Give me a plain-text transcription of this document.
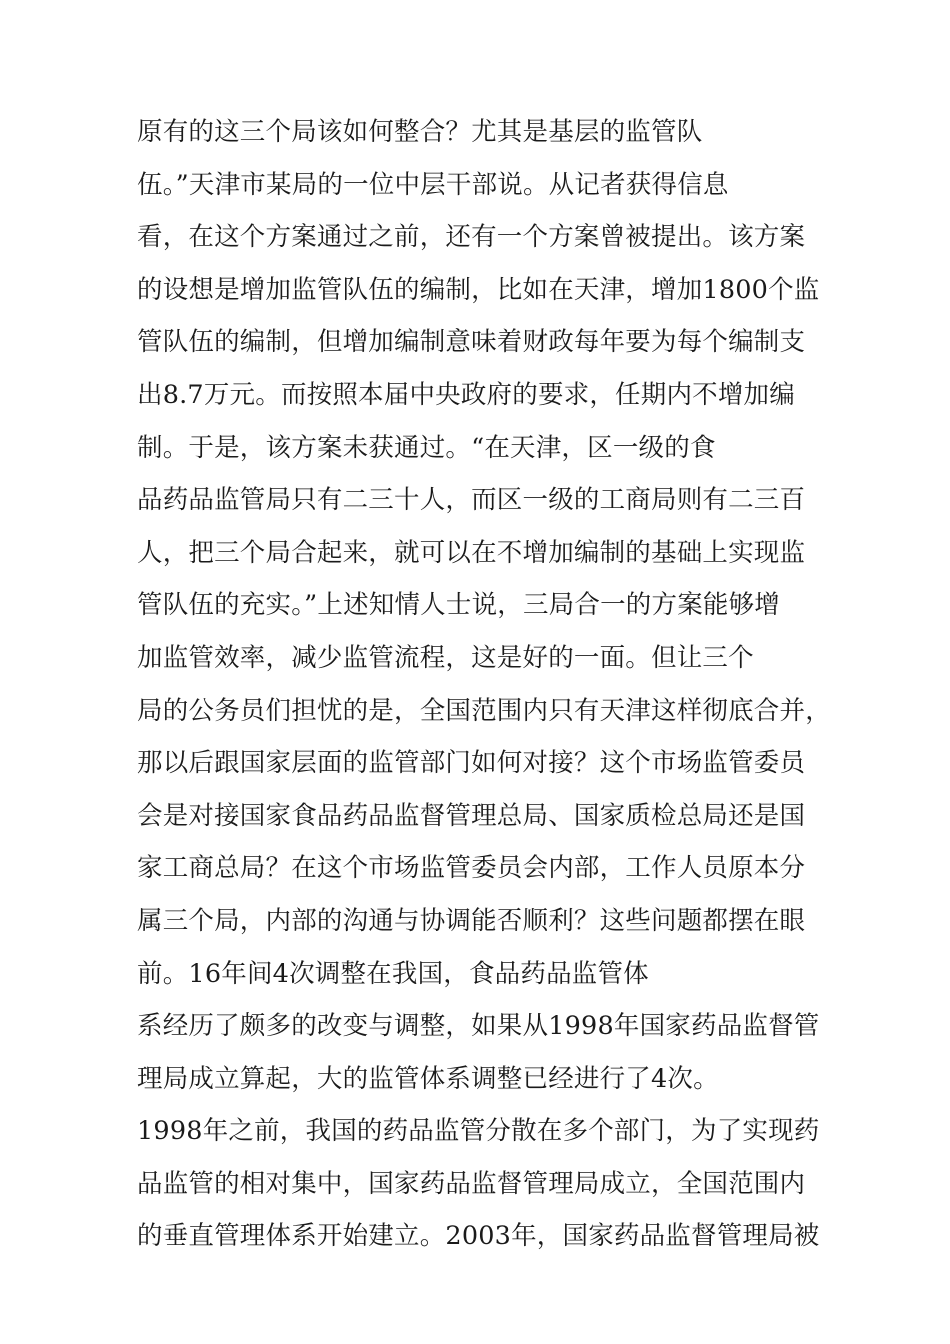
原有的这三个局该如何整合？尤其是基层的监管队
伍。”天津市某局的一位中层干部说。从记者获得信息
看，在这个方案通过之前，还有一个方案曾被提出。该方案
的设想是增加监管队伍的编制，比如在天津，增加1800个监
管队伍的编制，但增加编制意味着财政每年要为每个编制支
出8.7万元。而按照本届中央政府的要求，任期内不增加编
制。于是，该方案未获通过。“在天津，区一级的食
品药品监管局只有二三十人，而区一级的工商局则有二三百
人，把三个局合起来，就可以在不增加编制的基础上实现监
管队伍的充实。”上述知情人士说，三局合一的方案能够增
加监管效率，减少监管流程，这是好的一面。但让三个
局的公务员们担忧的是，全国范围内只有天津这样彻底合并，
那以后跟国家层面的监管部门如何对接？这个市场监管委员
会是对接国家食品药品监督管理总局、国家质检总局还是国
家工商总局？在这个市场监管委员会内部，工作人员原本分
属三个局，内部的沟通与协调能否顺利？这些问题都摆在眼
前。16年间4次调整在我国，食品药品监管体
系经历了颇多的改变与调整，如果从1998年国家药品监督管
理局成立算起，大的监管体系调整已经进行了4次。
1998年之前，我国的药品监管分散在多个部门，为了实现药
品监管的相对集中，国家药品监督管理局成立，全国范围内
的垂直管理体系开始建立。2003年，国家药品监督管理局被
